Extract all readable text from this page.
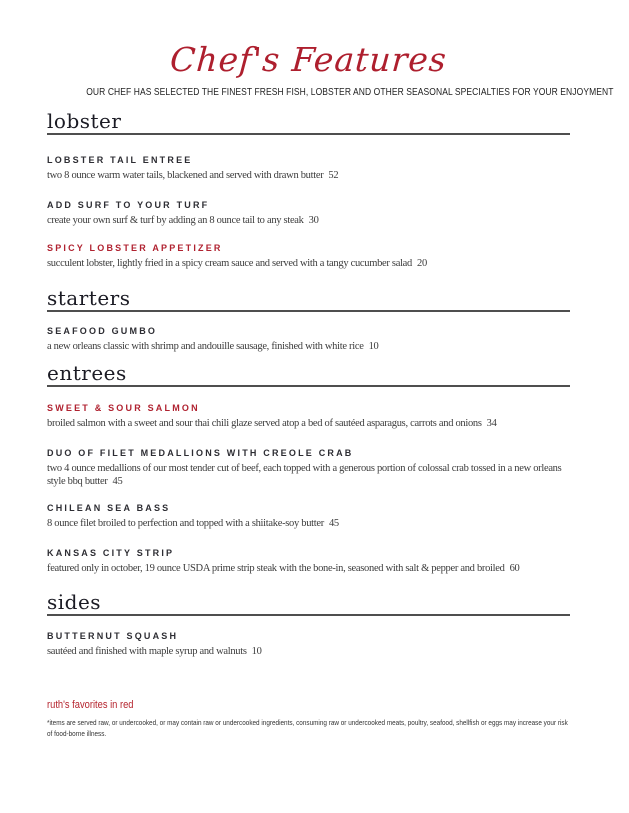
Chef's Features
OUR CHEF HAS SELECTED THE FINEST FRESH FISH, LOBSTER AND OTHER SEASONAL SPECIALTIES FOR YOUR ENJOYMENT
lobster
LOBSTER TAIL ENTREE
two 8 ounce warm water tails, blackened and served with drawn butter 52
ADD SURF TO YOUR TURF
create your own surf & turf by adding an 8 ounce tail to any steak 30
SPICY LOBSTER APPETIZER
succulent lobster, lightly fried in a spicy cream sauce and served with a tangy cucumber salad 20
starters
SEAFOOD GUMBO
a new orleans classic with shrimp and andouille sausage, finished with white rice 10
entrees
SWEET & SOUR SALMON
broiled salmon with a sweet and sour thai chili glaze served atop a bed of sautéed asparagus, carrots and onions 34
DUO OF FILET MEDALLIONS WITH CREOLE CRAB
two 4 ounce medallions of our most tender cut of beef, each topped with a generous portion of colossal crab tossed in a new orleans style bbq butter 45
CHILEAN SEA BASS
8 ounce filet broiled to perfection and topped with a shiitake-soy butter 45
KANSAS CITY STRIP
featured only in october, 19 ounce USDA prime strip steak with the bone-in, seasoned with salt & pepper and broiled 60
sides
BUTTERNUT SQUASH
sautéed and finished with maple syrup and walnuts 10
ruth's favorites in red
*items are served raw, or undercooked, or may contain raw or undercooked ingredients, consuming raw or undercooked meats, poultry, seafood, shellfish or eggs may increase your risk of food-borne illness.
